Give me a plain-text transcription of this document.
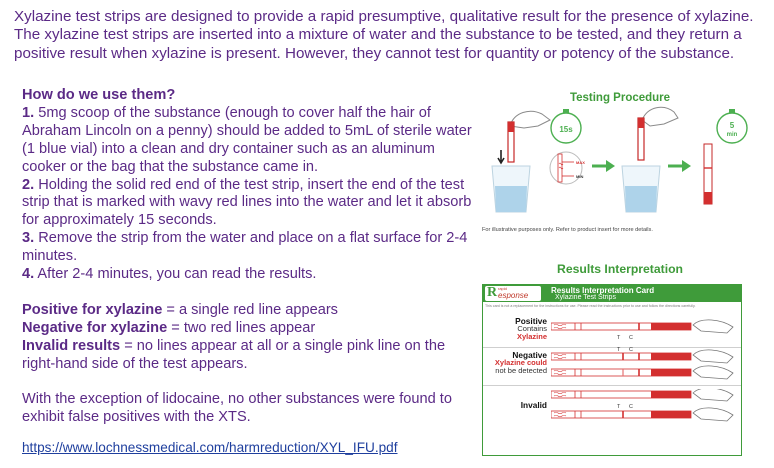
Xylazine test strips are designed to provide a rapid presumptive, qualitative result for the presence of xylazine. The xylazine test strips are inserted into a mixture of water and the substance to be tested, and they return a positive result when xylazine is present. However, they cannot test for quantity or potency of the substance.

How do we use them?

1. 5mg scoop of the substance (enough to cover half the hair of Abraham Lincoln on a penny) should be added to 5mL of sterile water (1 blue vial) into a clean and dry container such as an aluminum cooker or the bag that the substance came in.

2. Holding the solid red end of the test strip, insert the end of the test strip that is marked with wavy red lines into the water and let it absorb for approximately 15 seconds.

3. Remove the strip from the water and place on a flat surface for 2-4 minutes.

4. After 2-4 minutes, you can read the results.

Positive for xylazine = a single red line appears

Negative for xylazine = two red lines appear

Invalid results = no lines appear at all or a single pink line on the right-hand side of the test appears.

With the exception of lidocaine, no other substances were found to exhibit false positives with the XTS.

https://www.lochnessmedical.com/harmreduction/XYL_IFU.pdf
Testing Procedure
15s
MAX
MIN
5
min
For illustrative purposes only. Refer to product insert for more details.
Results Interpretation
R rapid
esponse
Results Interpretation Card
Xylazine Test Strips
This card is not a replacement for the instructions for use. Please read the instructions prior to use and follow the directions carefully.
Positive
Contains
Xylazine	T C
Negative
Xylazine could
not be detected
T C
Invalid	T C
